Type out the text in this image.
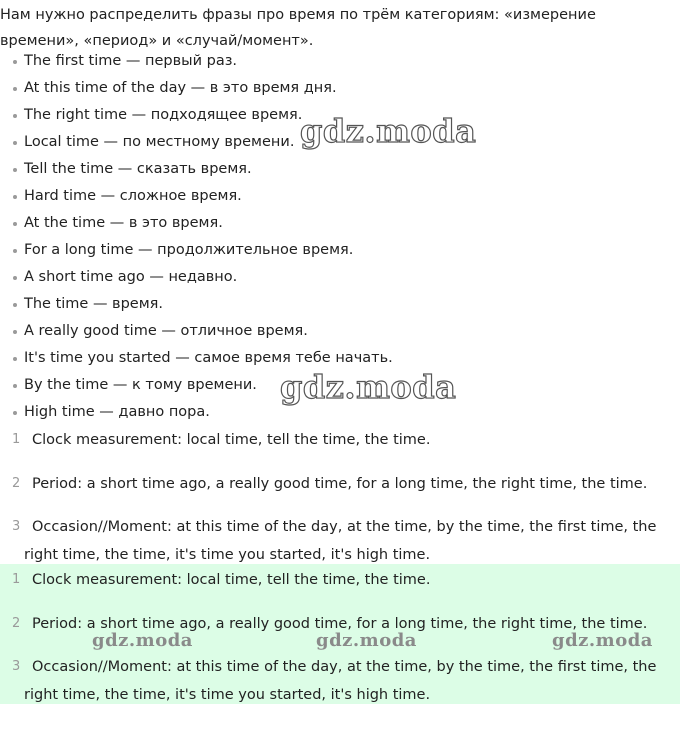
Нам нужно распределить фразы про время по трём категориям: «измерение времени», «период» и «случай/момент».

The first time — первый раз.
At this time of the day — в это время дня.
The right time — подходящее время.
Local time — по местному времени.
Tell the time — сказать время.
Hard time — сложное время.
At the time — в это время.
For a long time — продолжительное время.
A short time ago — недавно.
The time — время.
A really good time — отличное время.
It's time you started — самое время тебе начать.
By the time — к тому времени.
High time — давно пора.
1 Clock measurement: local time, tell the time, the time.
2 Period: a short time ago, a really good time, for a long time, the right time, the time.
3 Occasion//Moment: at this time of the day, at the time, by the time, the first time, the
right time, the time, it's time you started, it's high time.
1 Clock measurement: local time, tell the time, the time.
2 Period: a short time ago, a really good time, for a long time, the right time, the time.
3 Occasion//Moment: at this time of the day, at the time, by the time, the first time, the
right time, the time, it's time you started, it's high time.
gdz.moda
gdz.moda
gdz.moda	gdz.moda	gdz.moda
